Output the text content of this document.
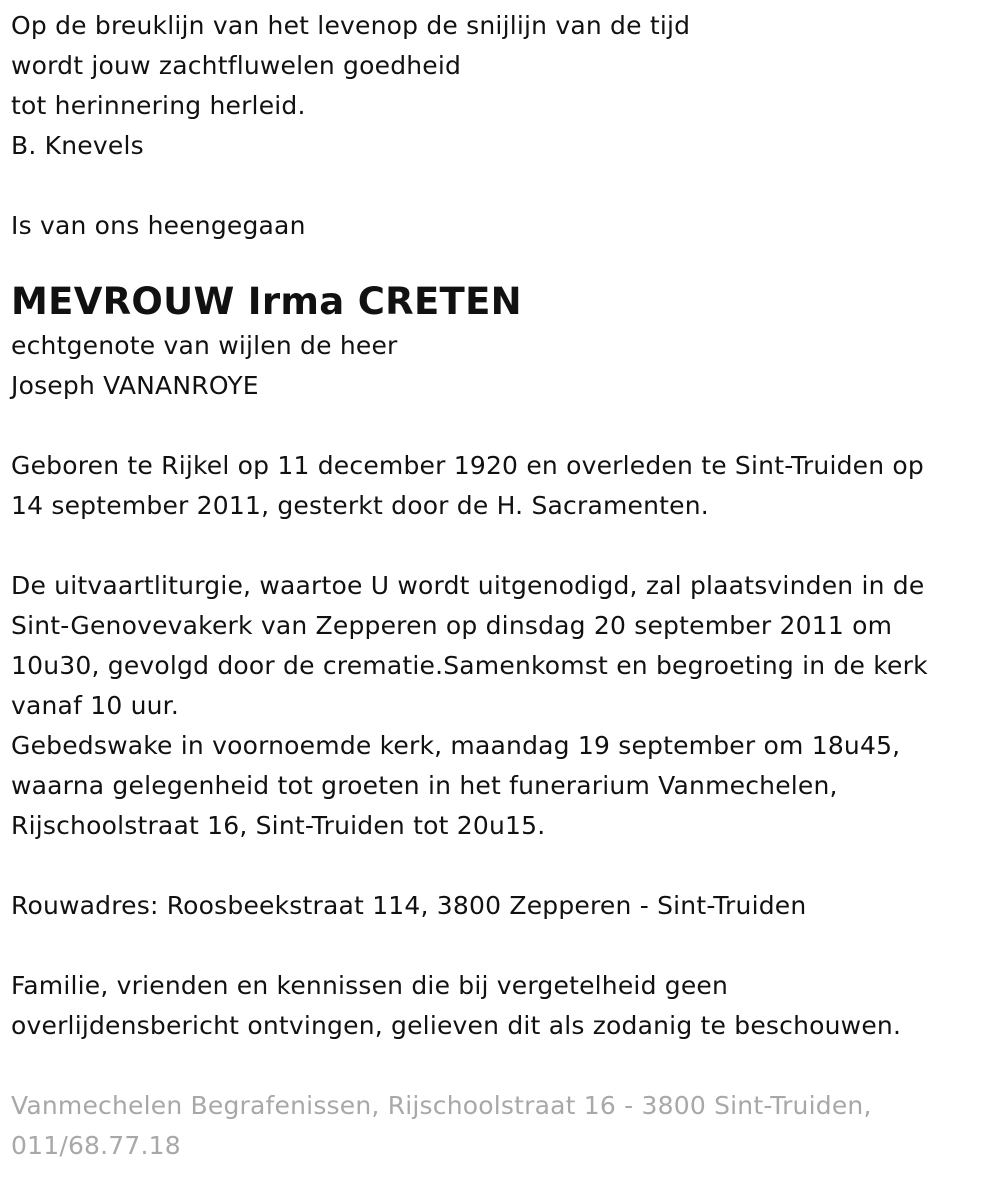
Op de breuklijn van het levenop de snijlijn van de tijd
wordt jouw zachtfluwelen goedheid
tot herinnering herleid.
B. Knevels
Is van ons heengegaan
MEVROUW Irma CRETEN
echtgenote van wijlen de heer
Joseph VANANROYE
Geboren te Rijkel op 11 december 1920 en overleden te Sint-Truiden op
14 september 2011, gesterkt door de H. Sacramenten.
De uitvaartliturgie, waartoe U wordt uitgenodigd, zal plaatsvinden in de
Sint-Genovevakerk van Zepperen op dinsdag 20 september 2011 om
10u30, gevolgd door de crematie.Samenkomst en begroeting in de kerk
vanaf 10 uur.
Gebedswake in voornoemde kerk, maandag 19 september om 18u45,
waarna gelegenheid tot groeten in het funerarium Vanmechelen,
Rijschoolstraat 16, Sint-Truiden tot 20u15.
Rouwadres: Roosbeekstraat 114, 3800 Zepperen - Sint-Truiden
Familie, vrienden en kennissen die bij vergetelheid geen
overlijdensbericht ontvingen, gelieven dit als zodanig te beschouwen.
Vanmechelen Begrafenissen, Rijschoolstraat 16 - 3800 Sint-Truiden,
011/68.77.18
